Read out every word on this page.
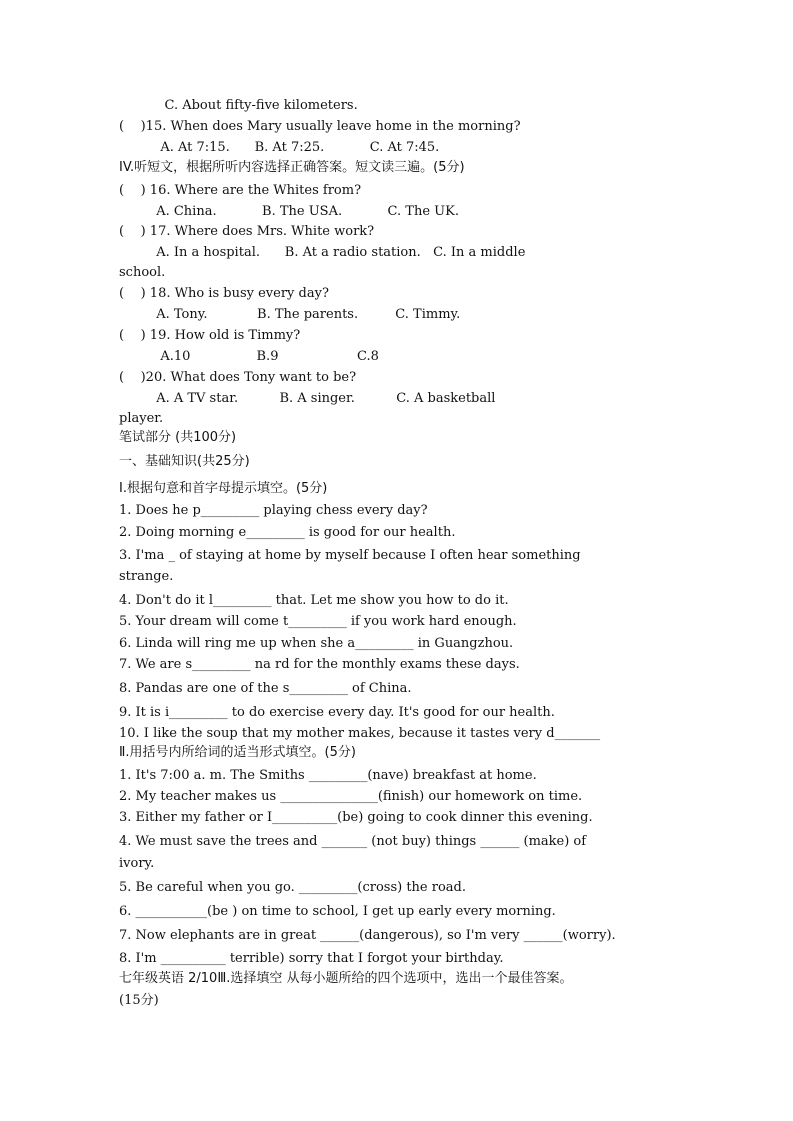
C. About fifty-five kilometers.
(    )15. When does Mary usually leave home in the morning?
A. At 7:15.      B. At 7:25.           C. At 7:45.
IV.听短文，根据所听内容选择正确答案。短文读三遍。(5分)
(    ) 16. Where are the Whites from?
A. China.           B. The USA.           C. The UK.
(    ) 17. Where does Mrs. White work?
A. In a hospital.      B. At a radio station.   C. In a middle
school.
(    ) 18. Who is busy every day?
A. Tony.            B. The parents.         C. Timmy.
(    ) 19. How old is Timmy?
A.10                B.9                   C.8
(    )20. What does Tony want to be?
A. A TV star.          B. A singer.          C. A basketball
player.
笔试部分 (共100分)
一、基础知识(共25分)
I.根据句意和首字母提示填空。(5分)
1. Does he p_________ playing chess every day?
2. Doing morning e_________ is good for our health.
3. I'ma _ of staying at home by myself because I often hear something
strange.
4. Don't do it l_________ that. Let me show you how to do it.
5. Your dream will come t_________ if you work hard enough.
6. Linda will ring me up when she a_________ in Guangzhou.
7. We are s_________ na rd for the monthly exams these days.
8. Pandas are one of the s_________ of China.
9. It is i_________ to do exercise every day. It's good for our health.
10. I like the soup that my mother makes, because it tastes very d_______
Ⅱ.用括号内所给词的适当形式填空。(5分)
1. It's 7:00 a. m. The Smiths _________(nave) breakfast at home.
2. My teacher makes us _______________(finish) our homework on time.
3. Either my father or I__________(be) going to cook dinner this evening.
4. We must save the trees and _______ (not buy) things ______ (make) of
ivory.
5. Be careful when you go. _________(cross) the road.
6. ___________(be ) on time to school, I get up early every morning.
7. Now elephants are in great ______(dangerous), so I'm very ______(worry).
8. I'm __________ terrible) sorry that I forgot your birthday.
七年级英语 2/10Ⅲ.选择填空 从每小题所给的四个选项中，选出一个最佳答案。
(15分)
